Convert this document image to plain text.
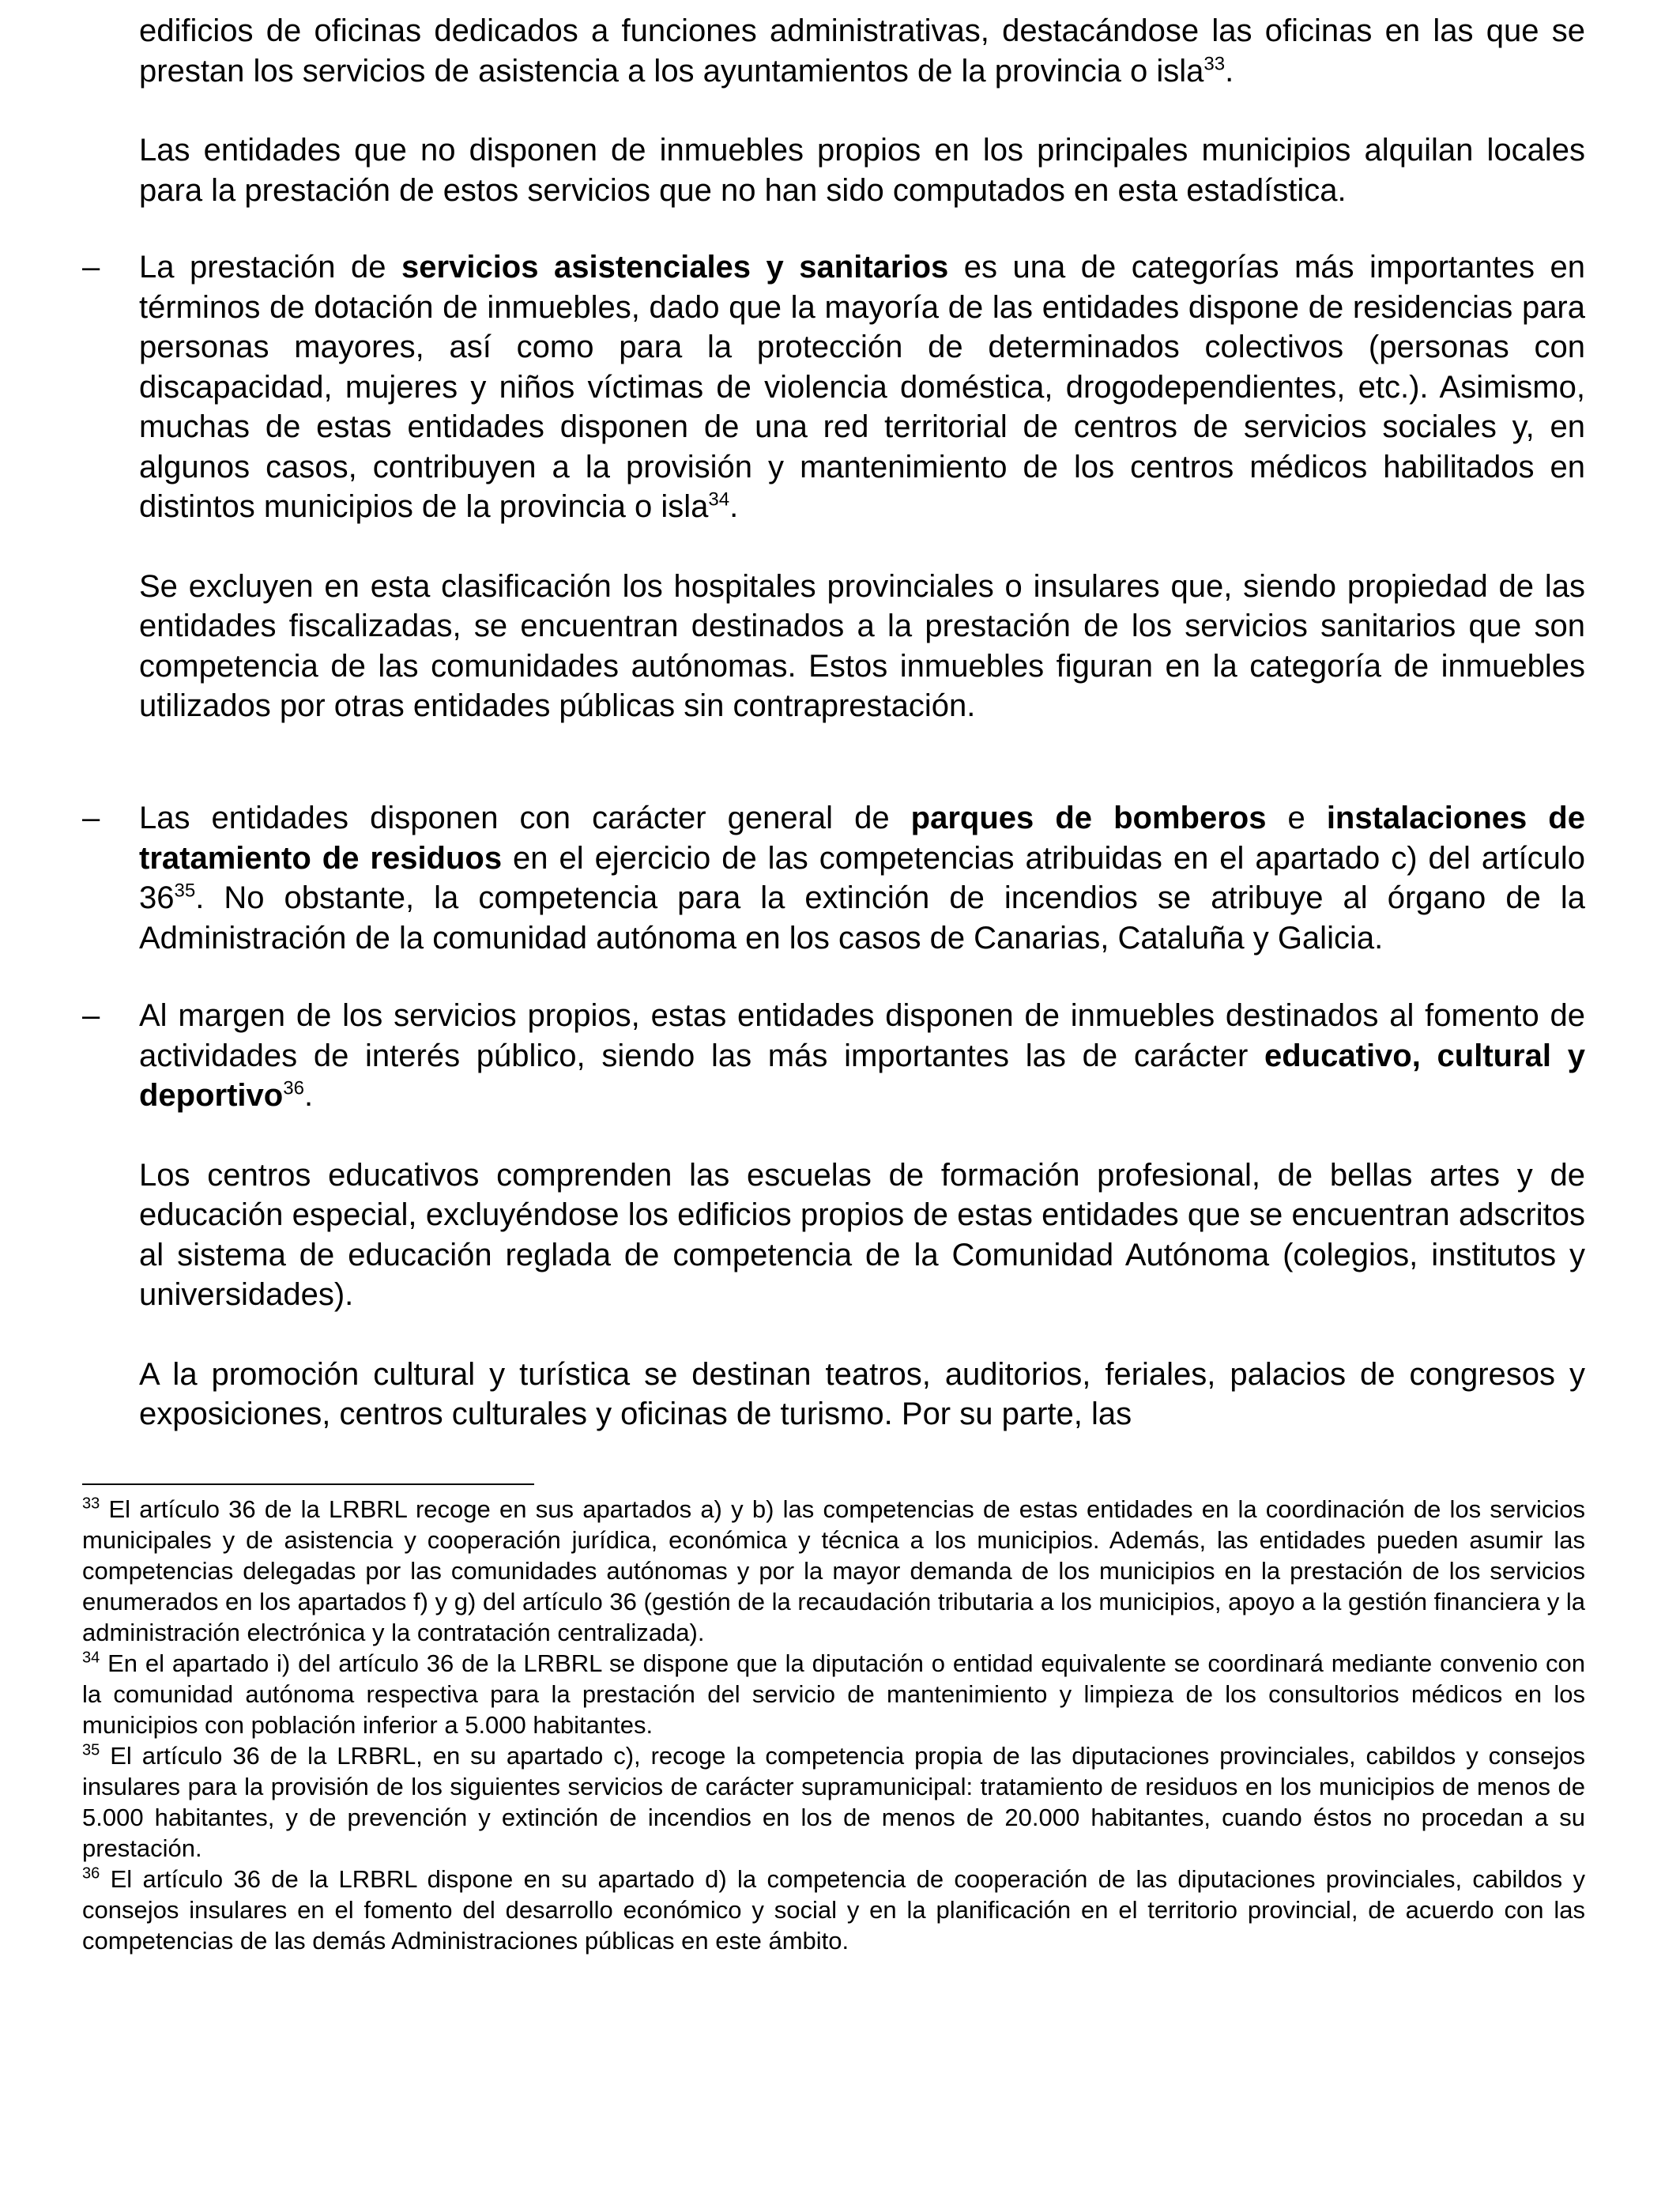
edificios de oficinas dedicados a funciones administrativas, destacándose las oficinas en las que se prestan los servicios de asistencia a los ayuntamientos de la provincia o isla$^{33}$.

Las entidades que no disponen de inmuebles propios en los principales municipios alquilan locales para la prestación de estos servicios que no han sido computados en esta estadística.

–	La prestación de servicios asistenciales y sanitarios es una de categorías más importantes en términos de dotación de inmuebles, dado que la mayoría de las entidades dispone de residencias para personas mayores, así como para la protección de determinados colectivos (personas con discapacidad, mujeres y niños víctimas de violencia doméstica, drogodependientes, etc.). Asimismo, muchas de estas entidades disponen de una red territorial de centros de servicios sociales y, en algunos casos, contribuyen a la provisión y mantenimiento de los centros médicos habilitados en distintos municipios de la provincia o isla$^{34}$.

Se excluyen en esta clasificación los hospitales provinciales o insulares que, siendo propiedad de las entidades fiscalizadas, se encuentran destinados a la prestación de los servicios sanitarios que son competencia de las comunidades autónomas. Estos inmuebles figuran en la categoría de inmuebles utilizados por otras entidades públicas sin contraprestación.

–	Las entidades disponen con carácter general de parques de bomberos e instalaciones de tratamiento de residuos en el ejercicio de las competencias atribuidas en el apartado c) del artículo $36^{35}$. No obstante, la competencia para la extinción de incendios se atribuye al órgano de la Administración de la comunidad autónoma en los casos de Canarias, Cataluña y Galicia.

–	Al margen de los servicios propios, estas entidades disponen de inmuebles destinados al fomento de actividades de interés público, siendo las más importantes las de carácter educativo, cultural y deportivo$^{36}$.

Los centros educativos comprenden las escuelas de formación profesional, de bellas artes y de educación especial, excluyéndose los edificios propios de estas entidades que se encuentran adscritos al sistema de educación reglada de competencia de la Comunidad Autónoma (colegios, institutos y universidades).

A la promoción cultural y turística se destinan teatros, auditorios, feriales, palacios de congresos y exposiciones, centros culturales y oficinas de turismo. Por su parte, las

$^{33}$ El artículo 36 de la LRBRL recoge en sus apartados a) y b) las competencias de estas entidades en la coordinación de los servicios municipales y de asistencia y cooperación jurídica, económica y técnica a los municipios. Además, las entidades pueden asumir las competencias delegadas por las comunidades autónomas y por la mayor demanda de los municipios en la prestación de los servicios enumerados en los apartados f) y g) del artículo 36 (gestión de la recaudación tributaria a los municipios, apoyo a la gestión financiera y la administración electrónica y la contratación centralizada).

$^{34}$ En el apartado i) del artículo 36 de la LRBRL se dispone que la diputación o entidad equivalente se coordinará mediante convenio con la comunidad autónoma respectiva para la prestación del servicio de mantenimiento y limpieza de los consultorios médicos en los municipios con población inferior a 5.000 habitantes.

$^{35}$ El artículo 36 de la LRBRL, en su apartado c), recoge la competencia propia de las diputaciones provinciales, cabildos y consejos insulares para la provisión de los siguientes servicios de carácter supramunicipal: tratamiento de residuos en los municipios de menos de 5.000 habitantes, y de prevención y extinción de incendios en los de menos de 20.000 habitantes, cuando éstos no procedan a su prestación.

$^{36}$ El artículo 36 de la LRBRL dispone en su apartado d) la competencia de cooperación de las diputaciones provinciales, cabildos y consejos insulares en el fomento del desarrollo económico y social y en la planificación en el territorio provincial, de acuerdo con las competencias de las demás Administraciones públicas en este ámbito.
